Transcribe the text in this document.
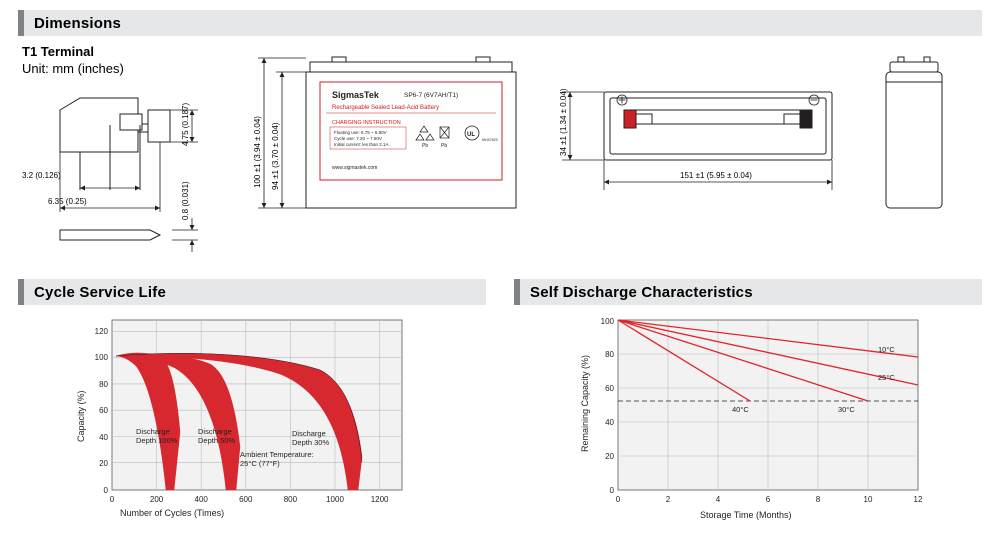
Dimensions
T1 Terminal
Unit: mm (inches)
4.75 (0.187)
3.2 (0.126)
6.35 (0.25)	0.8 (0.031)
100 ±1 (3.94 ± 0.04) 94 ±1 (3.70 ± 0.04)
SigmasTek	SP6-7 (6V7AH/T1)
Rechargeable Sealed Lead-Acid Battery
CHARGING INSTRUCTION
Floating use: 6.75 ~ 6.90V
Cycle use: 7.20 ~ 7.50V
Initial current: les than 2.1A	Pb	Pb
UL
MH47829
www.sigmastek.com
34 ±1 (1.34 ± 0.04)
151 ±1 (5.95 ± 0.04)
Cycle Service Life
0
20
40
60
80
100
120
0	200	400	600	800	1000	1200
Number of Cycles (Times)
Capacity (%)	Discharge
Depth 100%
Discharge
Depth 50%
Discharge
Depth 30%
Ambient Temperature:
25°C (77°F)
Self Discharge Characteristics
0
20
40
60
80
100
0	2	4	6	8	10	12
Storage Time (Months)
Remaining Capacity (%)
10°C
25°C
30°C
40°C
